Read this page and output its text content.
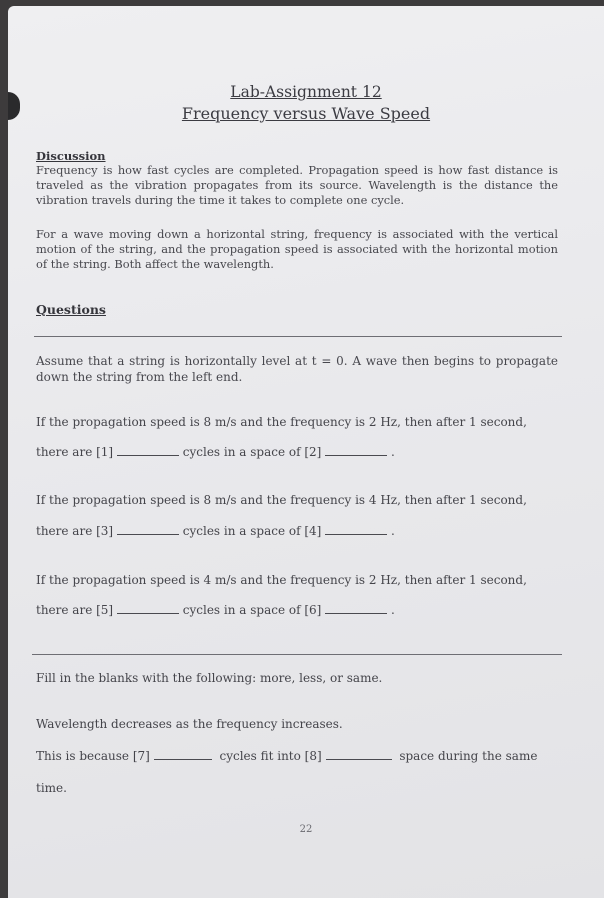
Lab-Assignment 12
Frequency versus Wave Speed
Discussion

Frequency is how fast cycles are completed. Propagation speed is how fast distance is traveled as the vibration propagates from its source. Wavelength is the distance the vibration travels during the time it takes to complete one cycle.

For a wave moving down a horizontal string, frequency is associated with the vertical motion of the string, and the propagation speed is associated with the horizontal motion of the string. Both affect the wavelength.

Questions

Assume that a string is horizontally level at t = 0. A wave then begins to propagate down the string from the left end.

If the propagation speed is 8 m/s and the frequency is 2 Hz, then after 1 second,
there are [1]	cycles in a space of [2]	.
If the propagation speed is 8 m/s and the frequency is 4 Hz, then after 1 second,
there are [3]	cycles in a space of [4]	.
If the propagation speed is 4 m/s and the frequency is 2 Hz, then after 1 second,
there are [5]	cycles in a space of [6]	.
Fill in the blanks with the following: more, less, or same.
Wavelength decreases as the frequency increases.
This is because [7]	cycles fit into [8]	space during the same
time.
22
